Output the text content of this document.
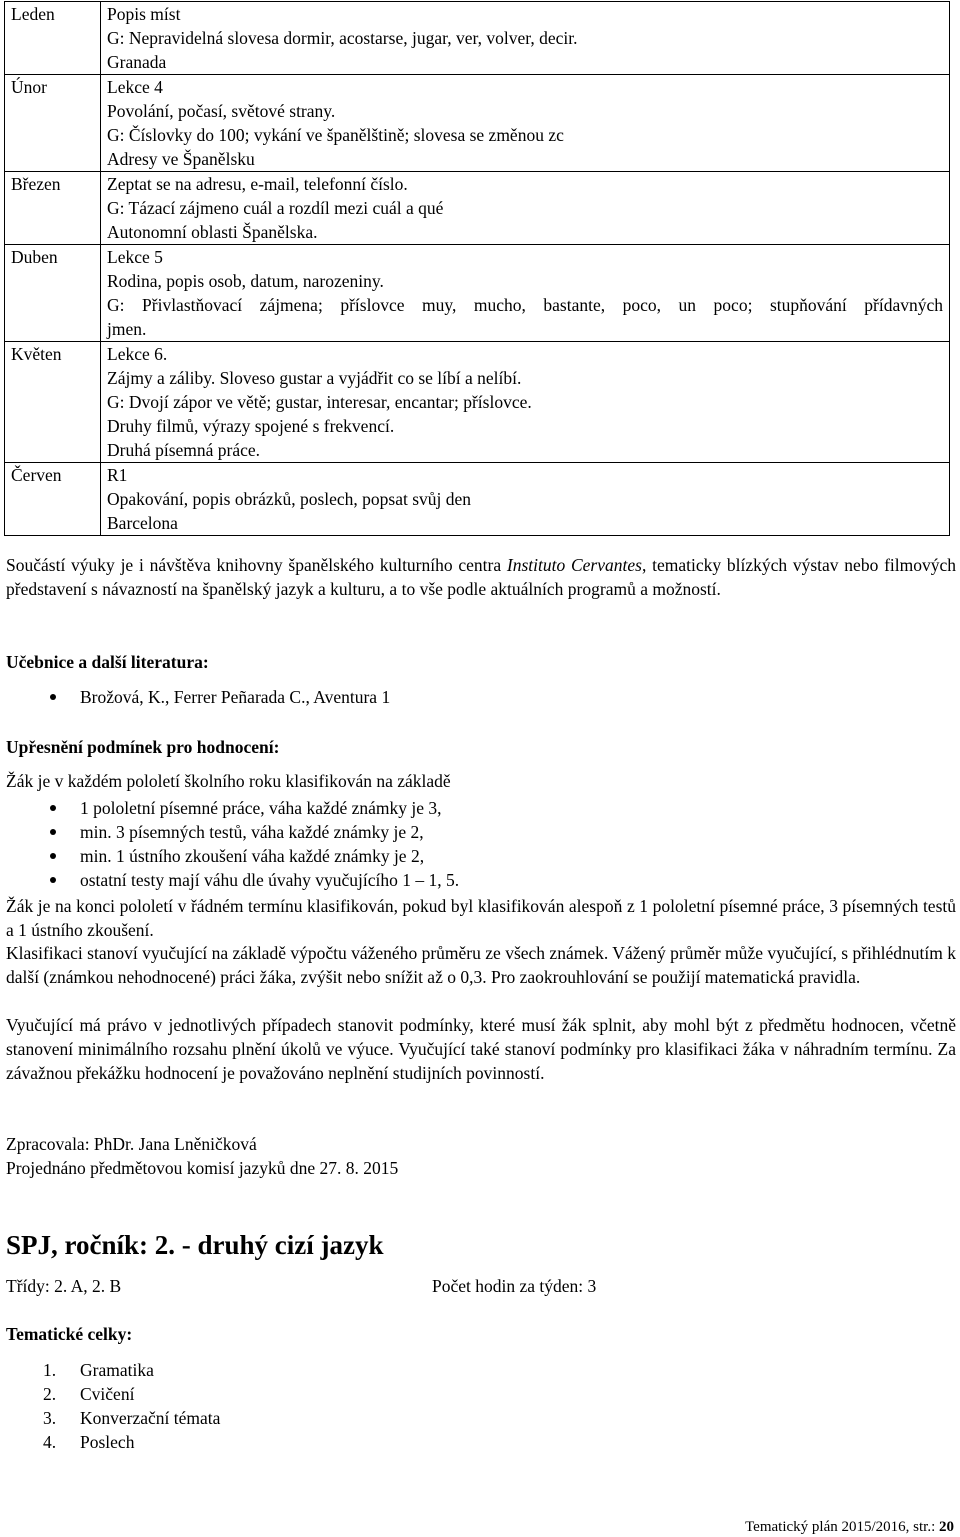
Leden	Popis míst
G: Nepravidelná slovesa dormir, acostarse, jugar, ver, volver, decir.
Granada

Únor	Lekce 4
Povolání, počasí, světové strany.
G: Číslovky do 100; vykání ve španělštině; slovesa se změnou zc
Adresy ve Španělsku

Březen	Zeptat se na adresu, e-mail, telefonní číslo.
G: Tázací zájmeno cuál a rozdíl mezi cuál a qué
Autonomní oblasti Španělska.

Duben	Lekce 5
Rodina, popis osob, datum, narozeniny.
G: Přivlastňovací zájmena; příslovce muy, mucho, bastante, poco, un poco; stupňování přídavných
jmen.

Květen	Lekce 6.
Zájmy a záliby. Sloveso gustar a vyjádřit co se líbí a nelíbí.
G: Dvojí zápor ve větě; gustar, interesar, encantar; příslovce.
Druhy filmů, výrazy spojené s frekvencí.
Druhá písemná práce.

Červen	R1
Opakování, popis obrázků, poslech, popsat svůj den
Barcelona

Součástí výuky je i návštěva knihovny španělského kulturního centra Instituto Cervantes, tematicky blízkých výstav nebo filmových představení s návazností na španělský jazyk a kulturu, a to vše podle aktuálních programů a možností.

Učebnice a další literatura:
Brožová, K., Ferrer Peñarada C., Aventura 1
Upřesnění podmínek pro hodnocení:
Žák je v každém pololetí školního roku klasifikován na základě
1 pololetní písemné práce, váha každé známky je 3,
min. 3 písemných testů, váha každé známky je 2,
min. 1 ústního zkoušení váha každé známky je 2,
ostatní testy mají váhu dle úvahy vyučujícího 1 – 1, 5.

Žák je na konci pololetí v řádném termínu klasifikován, pokud byl klasifikován alespoň z 1 pololetní písemné práce, 3 písemných testů a 1 ústního zkoušení.

Klasifikaci stanoví vyučující na základě výpočtu váženého průměru ze všech známek. Vážený průměr může vyučující, s přihlédnutím k další (známkou nehodnocené) práci žáka, zvýšit nebo snížit až o 0,3. Pro zaokrouhlování se použijí matematická pravidla.

Vyučující má právo v jednotlivých případech stanovit podmínky, které musí žák splnit, aby mohl být z předmětu hodnocen, včetně stanovení minimálního rozsahu plnění úkolů ve výuce. Vyučující také stanoví podmínky pro klasifikaci žáka v náhradním termínu. Za závažnou překážku hodnocení je považováno neplnění studijních povinností.

Zpracovala: PhDr. Jana Lněničková
Projednáno předmětovou komisí jazyků dne 27. 8. 2015
SPJ, ročník: 2. - druhý cizí jazyk
Třídy: 2. A, 2. B	Počet hodin za týden: 3
Tematické celky:
1. Gramatika
2. Cvičení
3. Konverzační témata
4. Poslech
Tematický plán 2015/2016, str.: 20
